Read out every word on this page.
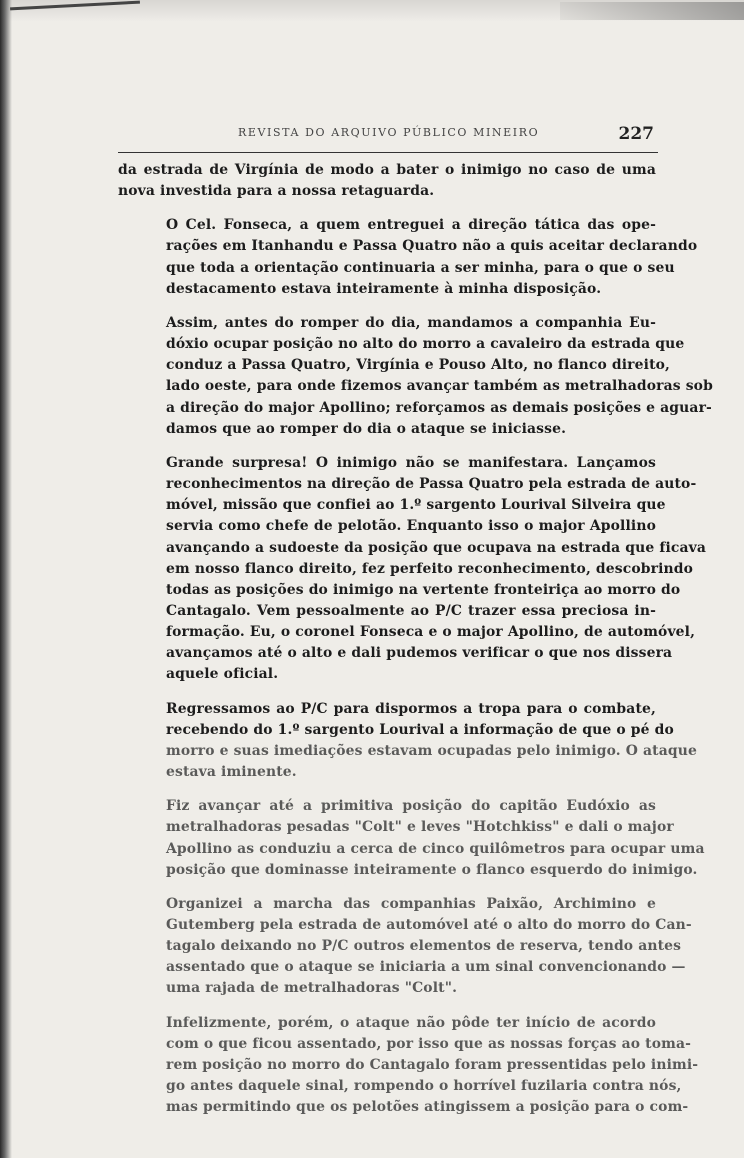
REVISTA DO ARQUIVO PÚBLICO MINEIRO	227

da estrada de Virgínia de modo a bater o inimigo no caso de uma
nova investida para a nossa retaguarda.

O Cel. Fonseca, a quem entreguei a direção tática das ope-
rações em Itanhandu e Passa Quatro não a quis aceitar declarando
que toda a orientação continuaria a ser minha, para o que o seu
destacamento estava inteiramente à minha disposição.

Assim, antes do romper do dia, mandamos a companhia Eu-
dóxio ocupar posição no alto do morro a cavaleiro da estrada que
conduz a Passa Quatro, Virgínia e Pouso Alto, no flanco direito,
lado oeste, para onde fizemos avançar também as metralhadoras sob
a direção do major Apollino; reforçamos as demais posições e aguar-
damos que ao romper do dia o ataque se iniciasse.

Grande surpresa! O inimigo não se manifestara. Lançamos
reconhecimentos na direção de Passa Quatro pela estrada de auto-
móvel, missão que confiei ao 1.º sargento Lourival Silveira que
servia como chefe de pelotão. Enquanto isso o major Apollino
avançando a sudoeste da posição que ocupava na estrada que ficava
em nosso flanco direito, fez perfeito reconhecimento, descobrindo
todas as posições do inimigo na vertente fronteiriça ao morro do
Cantagalo. Vem pessoalmente ao P/C trazer essa preciosa in-
formação. Eu, o coronel Fonseca e o major Apollino, de automóvel,
avançamos até o alto e dali pudemos verificar o que nos dissera
aquele oficial.

Regressamos ao P/C para dispormos a tropa para o combate,
recebendo do 1.º sargento Lourival a informação de que o pé do
morro e suas imediações estavam ocupadas pelo inimigo. O ataque
estava iminente.

Fiz avançar até a primitiva posição do capitão Eudóxio as
metralhadoras pesadas "Colt" e leves "Hotchkiss" e dali o major
Apollino as conduziu a cerca de cinco quilômetros para ocupar uma
posição que dominasse inteiramente o flanco esquerdo do inimigo.

Organizei a marcha das companhias Paixão, Archimino e
Gutemberg pela estrada de automóvel até o alto do morro do Can-
tagalo deixando no P/C outros elementos de reserva, tendo antes
assentado que o ataque se iniciaria a um sinal convencionando —
uma rajada de metralhadoras "Colt".

Infelizmente, porém, o ataque não pôde ter início de acordo
com o que ficou assentado, por isso que as nossas forças ao toma-
rem posição no morro do Cantagalo foram pressentidas pelo inimi-
go antes daquele sinal, rompendo o horrível fuzilaria contra nós,
mas permitindo que os pelotões atingissem a posição para o com-
